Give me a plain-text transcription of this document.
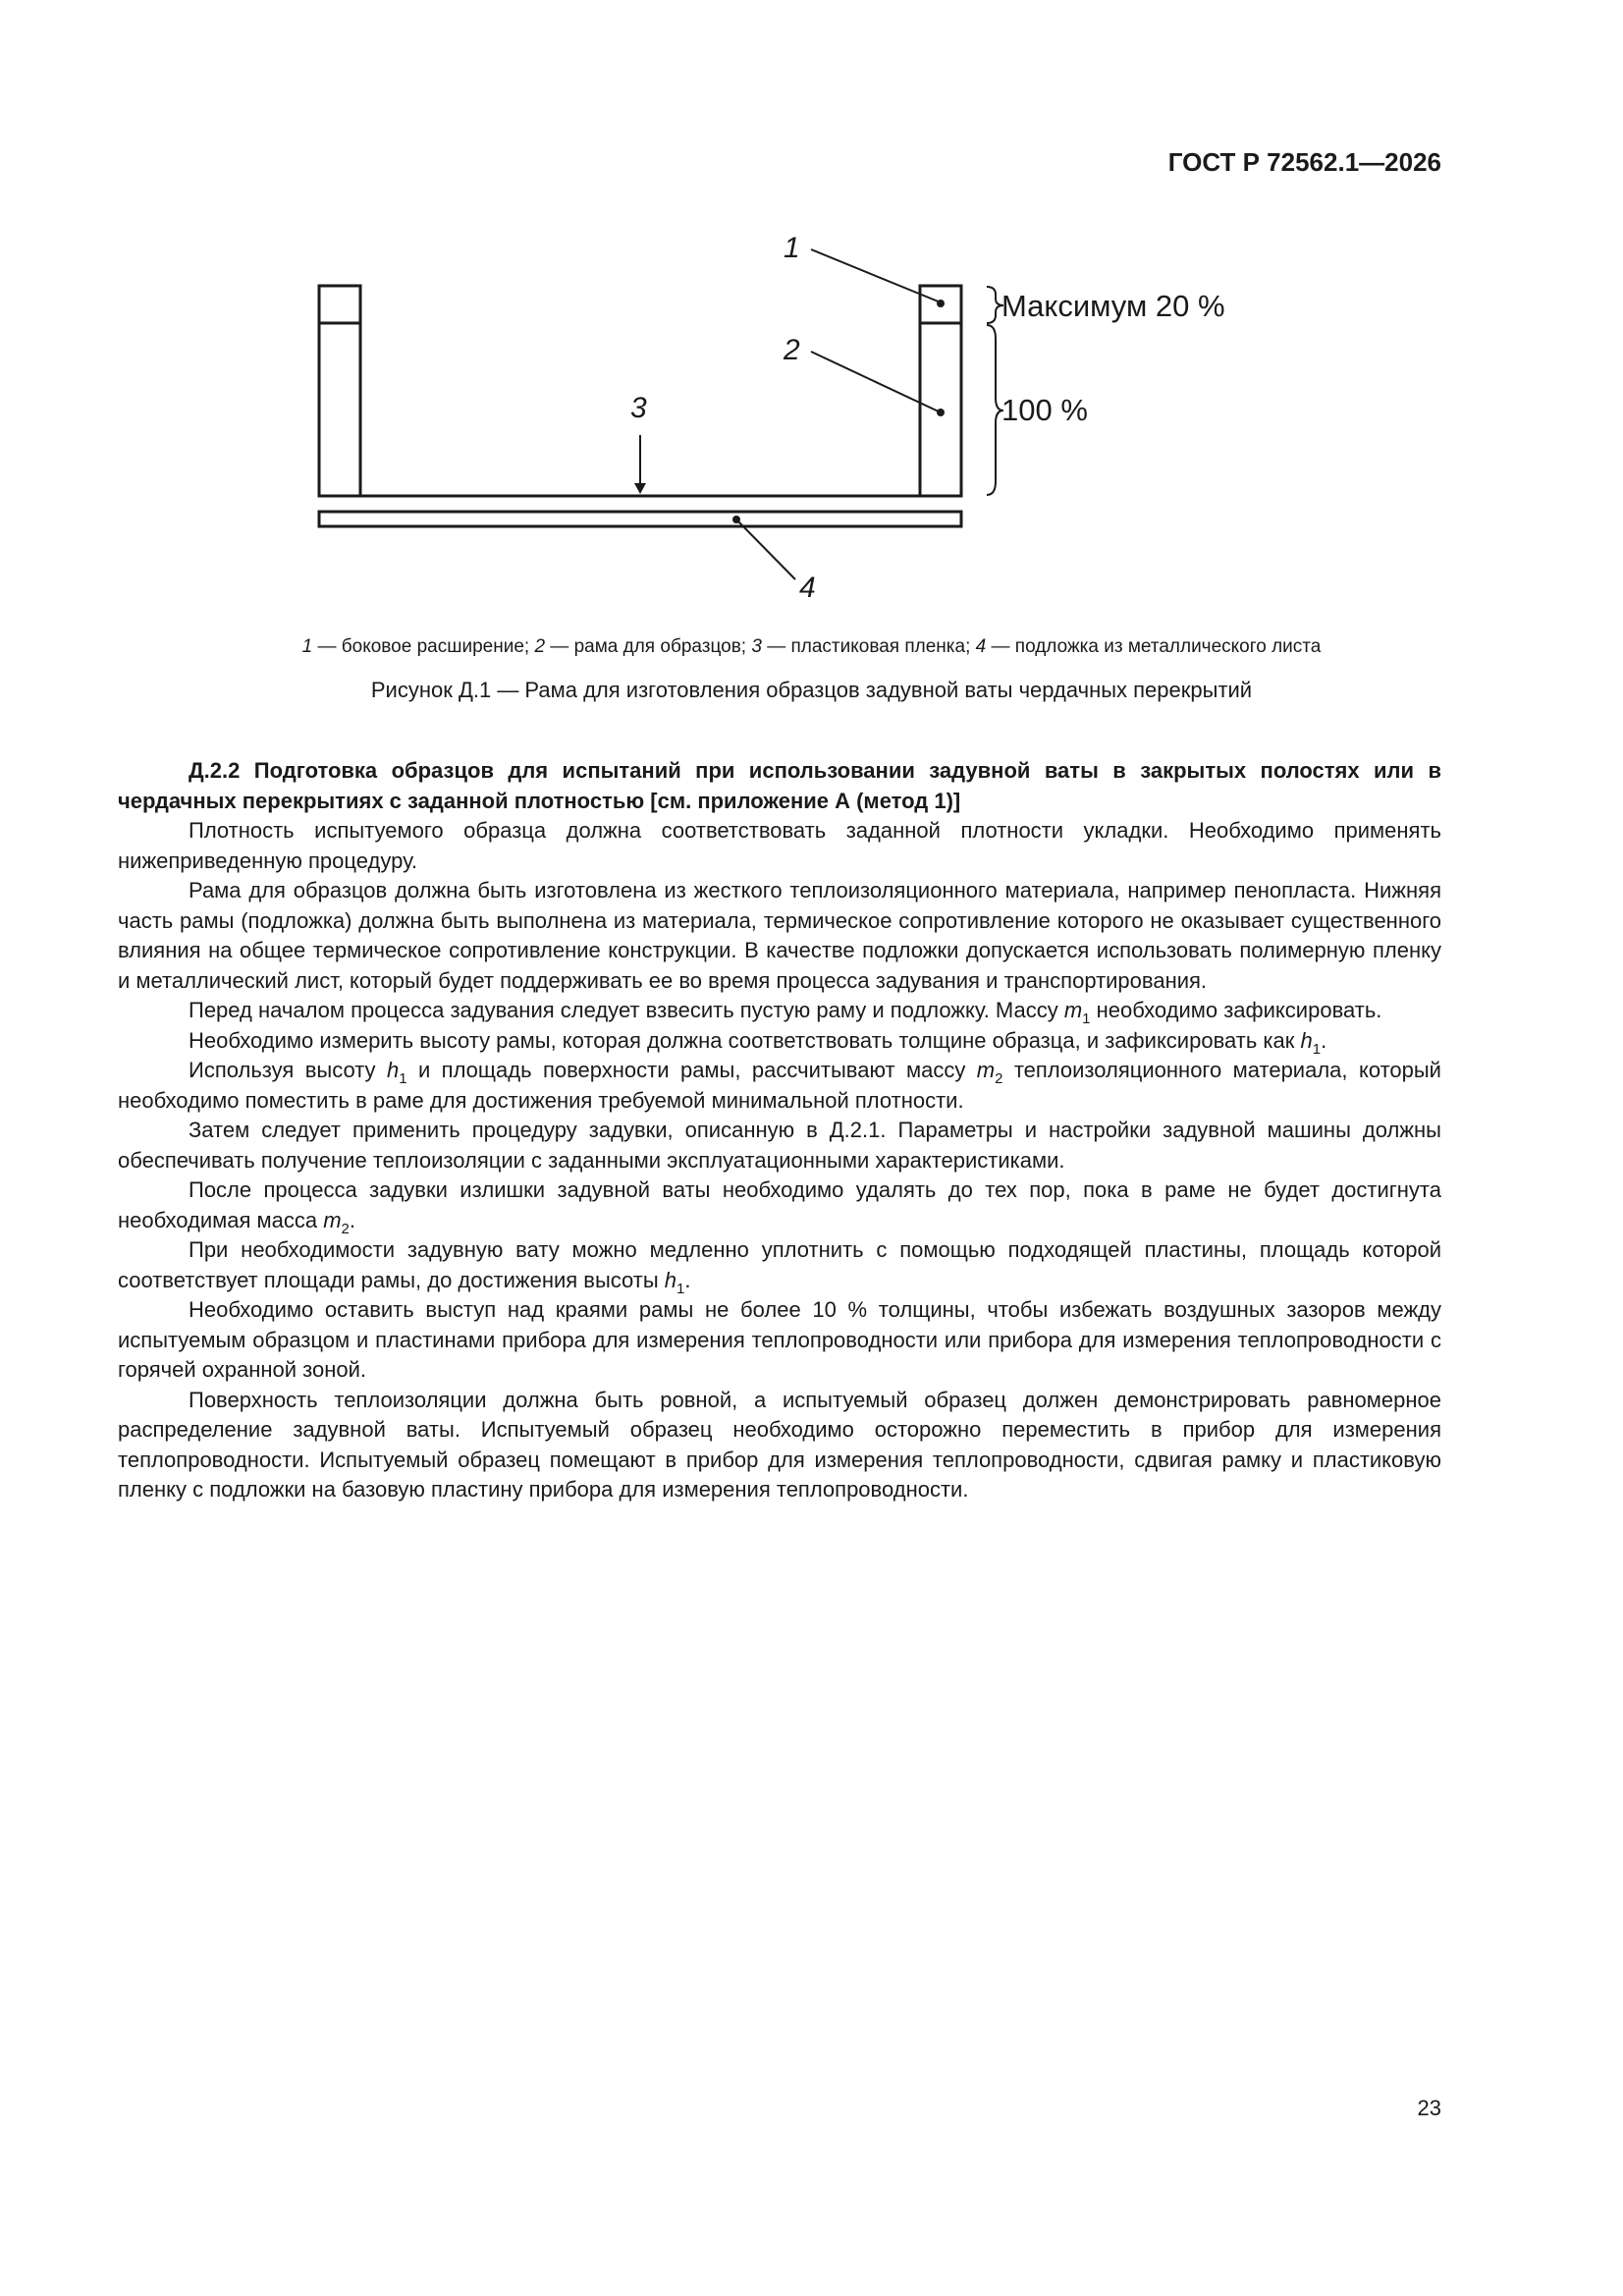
ГОСТ Р 72562.1—2026
1
2
3
4
Максимум 20 %
100 %
1 — боковое расширение; 2 — рама для образцов; 3 — пластиковая пленка; 4 — подложка из металлического листа
Рисунок Д.1 — Рама для изготовления образцов задувной ваты чердачных перекрытий
Д.2.2 Подготовка образцов для испытаний при использовании задувной ваты в закрытых полостях или в чердачных перекрытиях с заданной плотностью [см. приложение А (метод 1)]

Плотность испытуемого образца должна соответствовать заданной плотности укладки. Необходимо применять нижеприведенную процедуру.

Рама для образцов должна быть изготовлена из жесткого теплоизоляционного материала, например пенопласта. Нижняя часть рамы (подложка) должна быть выполнена из материала, термическое сопротивление которого не оказывает существенного влияния на общее термическое сопротивление конструкции. В качестве подложки допускается использовать полимерную пленку и металлический лист, который будет поддерживать ее во время процесса задувания и транспортирования.

Перед началом процесса задувания следует взвесить пустую раму и подложку. Массу $m_1$ необходимо зафиксировать.

Необходимо измерить высоту рамы, которая должна соответствовать толщине образца, и зафиксировать как $h_1$.

Используя высоту $h_1$ и площадь поверхности рамы, рассчитывают массу $m_2$ теплоизоляционного материала, который необходимо поместить в раме для достижения требуемой минимальной плотности.

Затем следует применить процедуру задувки, описанную в Д.2.1. Параметры и настройки задувной машины должны обеспечивать получение теплоизоляции с заданными эксплуатационными характеристиками.

После процесса задувки излишки задувной ваты необходимо удалять до тех пор, пока в раме не будет достигнута необходимая масса $m_2$.

При необходимости задувную вату можно медленно уплотнить с помощью подходящей пластины, площадь которой соответствует площади рамы, до достижения высоты $h_1$.

Необходимо оставить выступ над краями рамы не более 10 % толщины, чтобы избежать воздушных зазоров между испытуемым образцом и пластинами прибора для измерения теплопроводности или прибора для измерения теплопроводности с горячей охранной зоной.

Поверхность теплоизоляции должна быть ровной, а испытуемый образец должен демонстрировать равномерное распределение задувной ваты. Испытуемый образец необходимо осторожно переместить в прибор для измерения теплопроводности. Испытуемый образец помещают в прибор для измерения теплопроводности, сдвигая рамку и пластиковую пленку с подложки на базовую пластину прибора для измерения теплопроводности.

23
